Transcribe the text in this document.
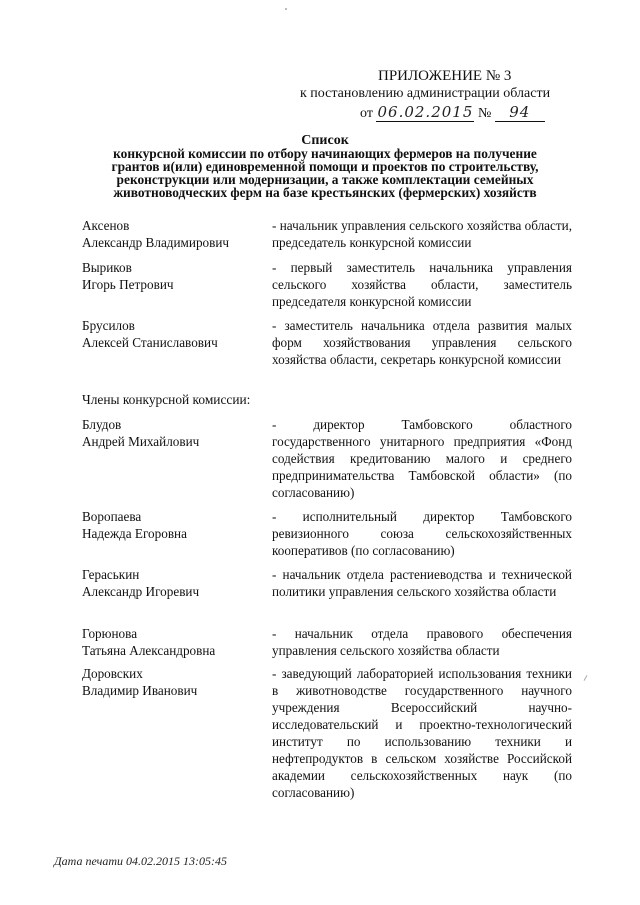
ПРИЛОЖЕНИЕ № 3
к постановлению администрации области
от 06.02.2015 № 94
Список
конкурсной комиссии по отбору начинающих фермеров на получение
грантов и(или) единовременной помощи и проектов по строительству,
реконструкции или модернизации, а также комплектации семейных
животноводческих ферм на базе крестьянских (фермерских) хозяйств
Аксенов
Александр Владимирович
- начальник управления сельского хозяйства области, председатель конкурсной комиссии
Выриков
Игорь Петрович
- первый заместитель начальника управления сельского хозяйства области, заместитель председателя конкурсной комиссии
Брусилов
Алексей Станиславович
- заместитель начальника отдела развития малых форм хозяйствования управления сельского хозяйства области, секретарь конкурсной комиссии
Члены конкурсной комиссии:
Блудов
Андрей Михайлович
- директор Тамбовского областного государственного унитарного предприятия «Фонд содействия кредитованию малого и среднего предпринимательства Тамбовской области» (по согласованию)
Воропаева
Надежда Егоровна
- исполнительный директор Тамбовского ревизионного союза сельскохозяйственных кооперативов (по согласованию)
Гераськин
Александр Игоревич
- начальник отдела растениеводства и технической политики управления сельского хозяйства области
Горюнова
Татьяна Александровна
- начальник отдела правового обеспечения управления сельского хозяйства области
Доровских
Владимир Иванович
- заведующий лабораторией использования техники в животноводстве государственного научного учреждения Всероссийский научно-исследовательский и проектно-технологический институт по использованию техники и нефтепродуктов в сельском хозяйстве Российской академии сельскохозяйственных наук (по согласованию)
Дата печати 04.02.2015 13:05:45
